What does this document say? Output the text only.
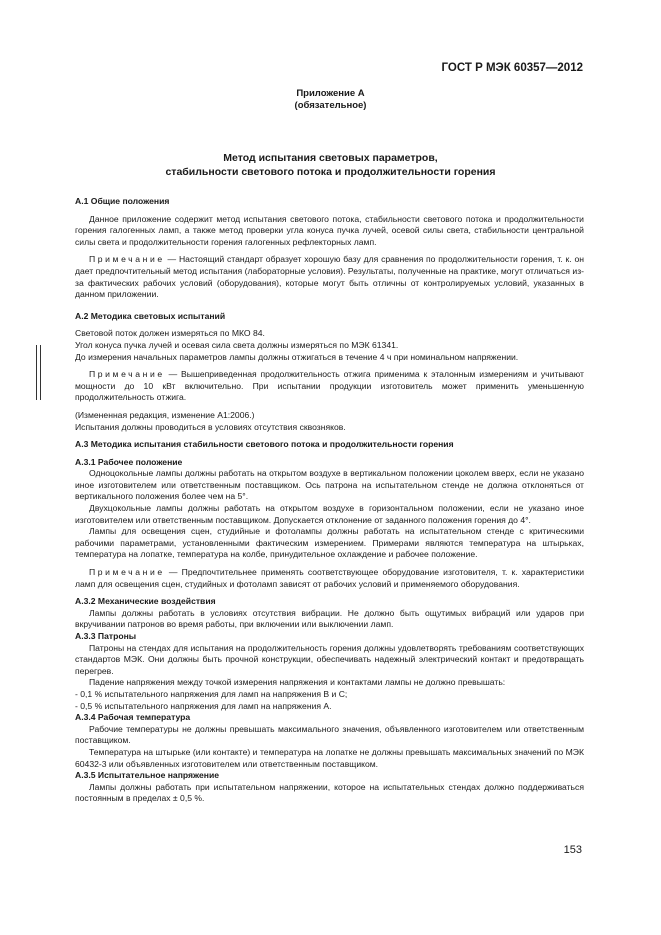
ГОСТ Р МЭК 60357—2012
Приложение А
(обязательное)
Метод испытания световых параметров,
стабильности светового потока и продолжительности горения

А.1 Общие положения

Данное приложение содержит метод испытания светового потока, стабильности светового потока и продолжительности горения галогенных ламп, а также метод проверки угла конуса пучка лучей, осевой силы света, стабильности центральной силы света и продолжительности горения галогенных рефлекторных ламп.

Примечание — Настоящий стандарт образует хорошую базу для сравнения по продолжительности горения, т. к. он дает предпочтительный метод испытания (лабораторные условия). Результаты, полученные на практике, могут отличаться из-за фактических рабочих условий (оборудования), которые могут быть отличны от контролируемых условий, указанных в данном приложении.

А.2 Методика световых испытаний

Световой поток должен измеряться по МКО 84.

Угол конуса пучка лучей и осевая сила света должны измеряться по МЭК 61341.

До измерения начальных параметров лампы должны отжигаться в течение 4 ч при номинальном напряжении.

Примечание — Вышеприведенная продолжительность отжига применима к эталонным измерениям и учитывают мощности до 10 кВт включительно. При испытании продукции изготовитель может применить уменьшенную продолжительность отжига.

(Измененная редакция, изменение А1:2006.)

Испытания должны проводиться в условиях отсутствия сквозняков.

А.3 Методика испытания стабильности светового потока и продолжительности горения

А.3.1 Рабочее положение

Одноцокольные лампы должны работать на открытом воздухе в вертикальном положении цоколем вверх, если не указано иное изготовителем или ответственным поставщиком. Ось патрона на испытательном стенде не должна отклоняться от вертикального положения более чем на 5°.

Двухцокольные лампы должны работать на открытом воздухе в горизонтальном положении, если не указано иное изготовителем или ответственным поставщиком. Допускается отклонение от заданного положения горения до 4°.

Лампы для освещения сцен, студийные и фотолампы должны работать на испытательном стенде с критическими рабочими параметрами, установленными фактическим измерением. Примерами являются температура на штырьках, температура на лопатке, температура на колбе, принудительное охлаждение и рабочее положение.

Примечание — Предпочтительнее применять соответствующее оборудование изготовителя, т. к. характеристики ламп для освещения сцен, студийных и фотоламп зависят от рабочих условий и применяемого оборудования.

А.3.2 Механические воздействия

Лампы должны работать в условиях отсутствия вибрации. Не должно быть ощутимых вибраций или ударов при вкручивании патронов во время работы, при включении или выключении ламп.

А.3.3 Патроны

Патроны на стендах для испытания на продолжительность горения должны удовлетворять требованиям соответствующих стандартов МЭК. Они должны быть прочной конструкции, обеспечивать надежный электрический контакт и предотвращать перегрев.

Падение напряжения между точкой измерения напряжения и контактами лампы не должно превышать:

- 0,1 % испытательного напряжения для ламп на напряжения B и C;

- 0,5 % испытательного напряжения для ламп на напряжения A.

А.3.4 Рабочая температура

Рабочие температуры не должны превышать максимального значения, объявленного изготовителем или ответственным поставщиком.

Температура на штырьке (или контакте) и температура на лопатке не должны превышать максимальных значений по МЭК 60432-3 или объявленных изготовителем или ответственным поставщиком.

А.3.5 Испытательное напряжение

Лампы должны работать при испытательном напряжении, которое на испытательных стендах должно поддерживаться постоянным в пределах ± 0,5 %.

153
